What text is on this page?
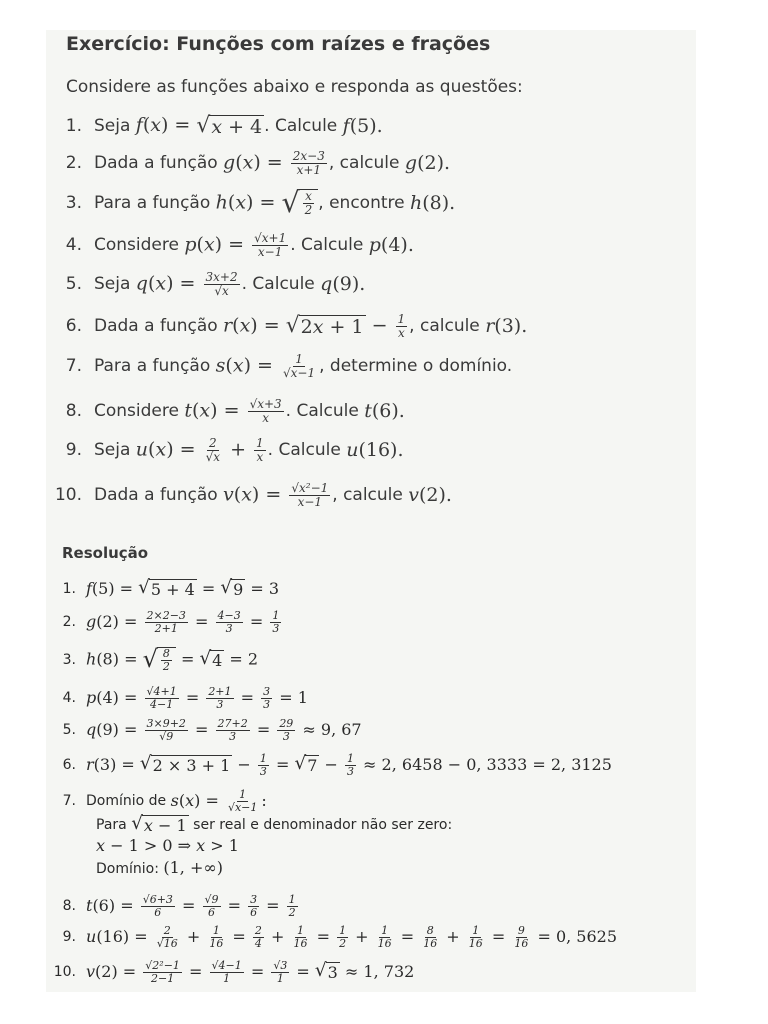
Exercício: Funções com raízes e frações
Considere as funções abaixo e responda as questões:
1. Seja
f(x) = √ x + 4 . Calcule
f(5).
2. Dada a função
$g(x) = \frac{2x-3}{x+1}$ , calcule
g(2).
3. Para a função
h(x) = √ $\frac{x}{2}$ , encontre
h(8).
4. Considere
$p(x) = \frac{√x+1}{x-1}$ . Calcule
p(4).
5. Seja
$q(x) = \frac{3x+2}{√x}$ . Calcule
q(9).
6. Dada a função
r(x) = √ 2 $x + 1 - \frac{1}{x}$ , calcule
r(3).
7. Para a função
$s(x) = \frac{1}{√x-1}$ , determine o domínio.
8. Considere
$t(x) = \frac{√x+3}{x}$ . Calcule
t(6).
9. Seja
$u(x) = \frac{2}{√x} + \frac{1}{x}$ . Calcule
u(16).
10. Dada a função
$v(x) = \frac{\text{√x²−1}}{x-1}$ , calcule
v(2).
Resolução
1. f(5) = √ 5 + 4 = √ 9 = 3
2. $g(2) = \frac{2\times 2-3}{2+1} = \frac{4-3}{3} = \frac{1}{3}$
3. h(8) = √ $\frac{8}{2}$ = √ 4 = 2
4. $p(4) = \frac{√4+1}{4-1} = \frac{2+1}{3} = \frac{3}{3} = 1$
5. $q(9) = \frac{3\times 9+2}{√9} = \frac{27+2}{3} = \frac{29}{3} \approx 9$, 67
6. r(3) = √ $2 \times 3 + 1 - \frac{1}{3}$ = √ $7 - \frac{1}{3} \approx 2$, 6458 − 0, 3333 = 2, 3125
7. Domínio de
$s(x) = \frac{1}{√x-1}$ :
Para √ x − 1 ser real e denominador não ser zero:
x − 1 > 0 ⇒ x > 1
Domínio: (1, +∞)
8. $t(6) = \frac{√6+3}{6} = \frac{√9}{6} = \frac{3}{6} = \frac{1}{2}$
9. $u(16) = \frac{2}{√16} + \frac{1}{16} = \frac{2}{4} + \frac{1}{16} = \frac{1}{2} + \frac{1}{16} = \frac{8}{16} + \frac{1}{16} = \frac{9}{16} = 0$, 5625
10. $v(2) = \frac{\text{√2²−1}}{2-1} = \frac{√4-1}{1} = \frac{√3}{1}$ = √ 3 ≈ 1, 732
